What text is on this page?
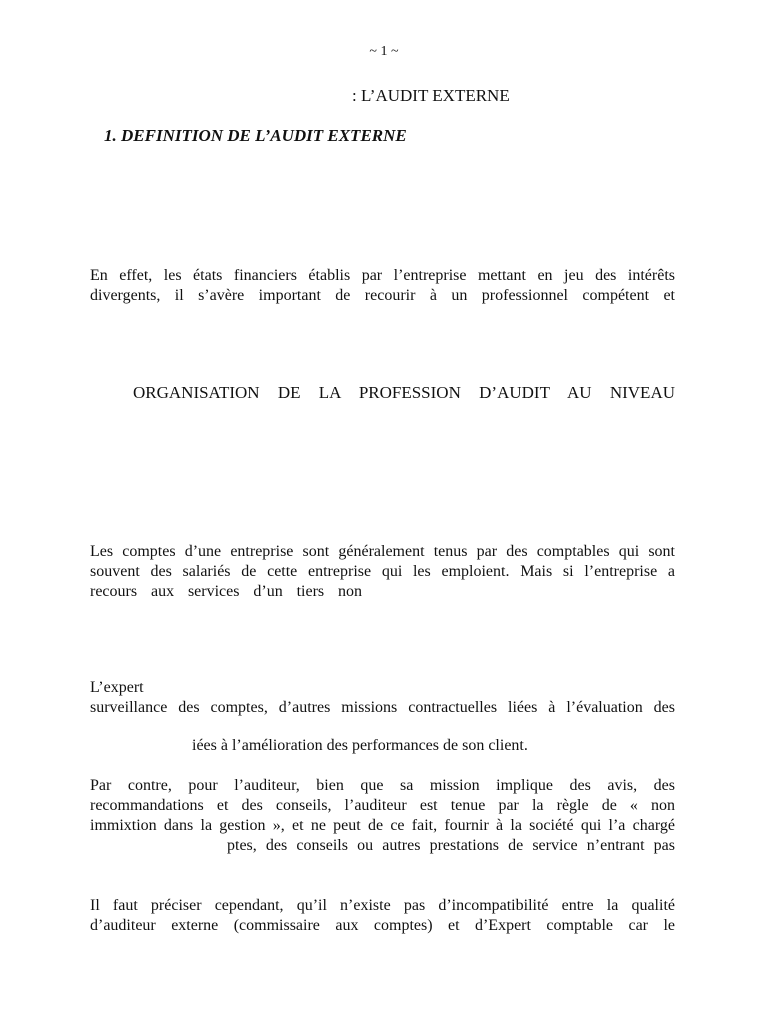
~ 1 ~
: L’AUDIT EXTERNE
1. DEFINITION DE L’AUDIT EXTERNE
En effet, les états financiers établis par l’entreprise mettant en jeu des intérêts
divergents, il s’avère important de recourir à un professionnel compétent et
ORGANISATION DE LA PROFESSION D’AUDIT AU NIVEAU
Les comptes d’une entreprise sont généralement tenus par des comptables qui sont
souvent des salariés de cette entreprise qui les emploient. Mais si l’entreprise a
recours aux services d’un tiers non
L’expert
surveillance des comptes, d’autres missions contractuelles liées à l’évaluation des
iées à l’amélioration des performances de son client.
Par contre, pour l’auditeur, bien que sa mission implique des avis, des
recommandations et des conseils, l’auditeur est tenue par la règle de « non
immixtion dans la gestion », et ne peut de ce fait, fournir à la société qui l’a chargé
ptes, des conseils ou autres prestations de service n’entrant pas
Il faut préciser cependant, qu’il n’existe pas d’incompatibilité entre la qualité
d’auditeur externe (commissaire aux comptes) et d’Expert comptable car le
